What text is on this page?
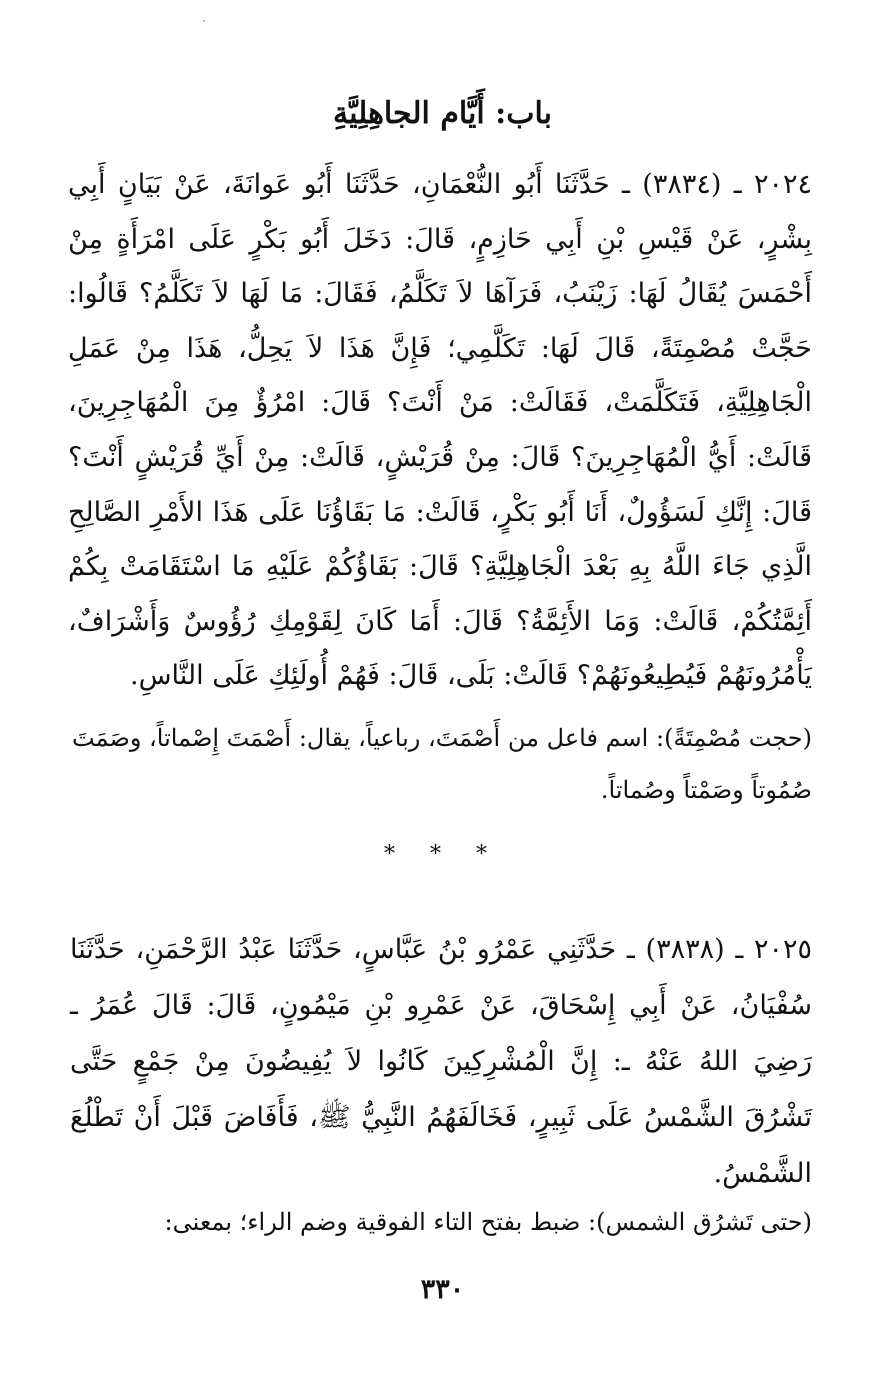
باب: أَيَّام الجاهِلِيَّةِ
٢٠٢٤ ـ (٣٨٣٤) ـ حَدَّثَنَا أَبُو النُّعْمَانِ، حَدَّثَنَا أَبُو عَوانَةَ، عَنْ بَيَانٍ أَبِي بِشْرٍ، عَنْ قَيْسِ بْنِ أَبِي حَازِمٍ، قَالَ: دَخَلَ أَبُو بَكْرٍ عَلَى امْرَأَةٍ مِنْ أَحْمَسَ يُقَالُ لَهَا: زَيْنَبُ، فَرَآهَا لاَ تَكَلَّمُ، فَقَالَ: مَا لَهَا لاَ تَكَلَّمُ؟ قَالُوا: حَجَّتْ مُصْمِتَةً، قَالَ لَهَا: تَكَلَّمِي؛ فَإِنَّ هَذَا لاَ يَحِلُّ، هَذَا مِنْ عَمَلِ الْجَاهِلِيَّةِ، فَتَكَلَّمَتْ، فَقَالَتْ: مَنْ أَنْتَ؟ قَالَ: امْرُؤٌ مِنَ الْمُهَاجِرِينَ، قَالَتْ: أَيُّ الْمُهَاجِرِينَ؟ قَالَ: مِنْ قُرَيْشٍ، قَالَتْ: مِنْ أَيِّ قُرَيْشٍ أَنْتَ؟ قَالَ: إِنَّكِ لَسَؤُولٌ، أَنَا أَبُو بَكْرٍ، قَالَتْ: مَا بَقَاؤُنَا عَلَى هَذَا الأَمْرِ الصَّالِحِ الَّذِي جَاءَ اللَّهُ بِهِ بَعْدَ الْجَاهِلِيَّةِ؟ قَالَ: بَقَاؤُكُمْ عَلَيْهِ مَا اسْتَقَامَتْ بِكُمْ أَئِمَّتُكُمْ، قَالَتْ: وَمَا الأَئِمَّةُ؟ قَالَ: أَمَا كَانَ لِقَوْمِكِ رُؤُوسٌ وَأَشْرَافٌ، يَأْمُرُونَهُمْ فَيُطِيعُونَهُمْ؟ قَالَتْ: بَلَى، قَالَ: فَهُمْ أُولَئِكِ عَلَى النَّاسِ.
(حجت مُصْمِتَةً): اسم فاعل من أَصْمَتَ، رباعياً، يقال: أَصْمَتَ إِصْماتاً، وصَمَتَ صُمُوتاً وصَمْتاً وصُماتاً.
* * *
٢٠٢٥ ـ (٣٨٣٨) ـ حَدَّثَنِي عَمْرُو بْنُ عَبَّاسٍ، حَدَّثَنَا عَبْدُ الرَّحْمَنِ، حَدَّثَنَا سُفْيَانُ، عَنْ أَبِي إِسْحَاقَ، عَنْ عَمْرِو بْنِ مَيْمُونٍ، قَالَ: قَالَ عُمَرُ ـ رَضِيَ اللهُ عَنْهُ ـ: إِنَّ الْمُشْرِكِينَ كَانُوا لاَ يُفِيضُونَ مِنْ جَمْعٍ حَتَّى تَشْرُقَ الشَّمْسُ عَلَى ثَبِيرٍ، فَخَالَفَهُمُ النَّبِيُّ ﷺ، فَأَفَاضَ قَبْلَ أَنْ تَطْلُعَ الشَّمْسُ.
(حتى تَشرُق الشمس): ضبط بفتح التاء الفوقية وضم الراء؛ بمعنى:
٣٣٠
